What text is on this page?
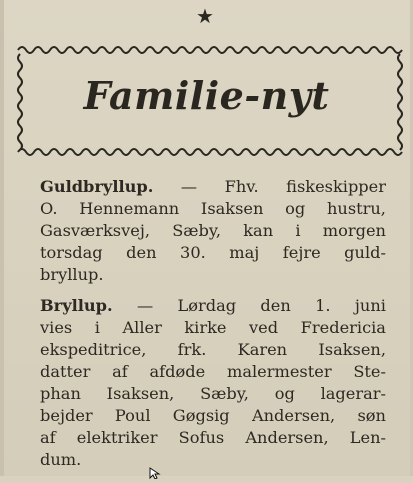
★
Familie-nyt
Guldbryllup. — Fhv. fiskeskipper
O. Hennemann Isaksen og hustru,
Gasværksvej, Sæby, kan i morgen
torsdag den 30. maj fejre guld-
bryllup.
Bryllup. — Lørdag den 1. juni
vies i Aller kirke ved Fredericia
ekspeditrice, frk. Karen Isaksen,
datter af afdøde malermester Ste-
phan Isaksen, Sæby, og lagerar-
bejder Poul Gøgsig Andersen, søn
af elektriker Sofus Andersen, Len-
dum.
